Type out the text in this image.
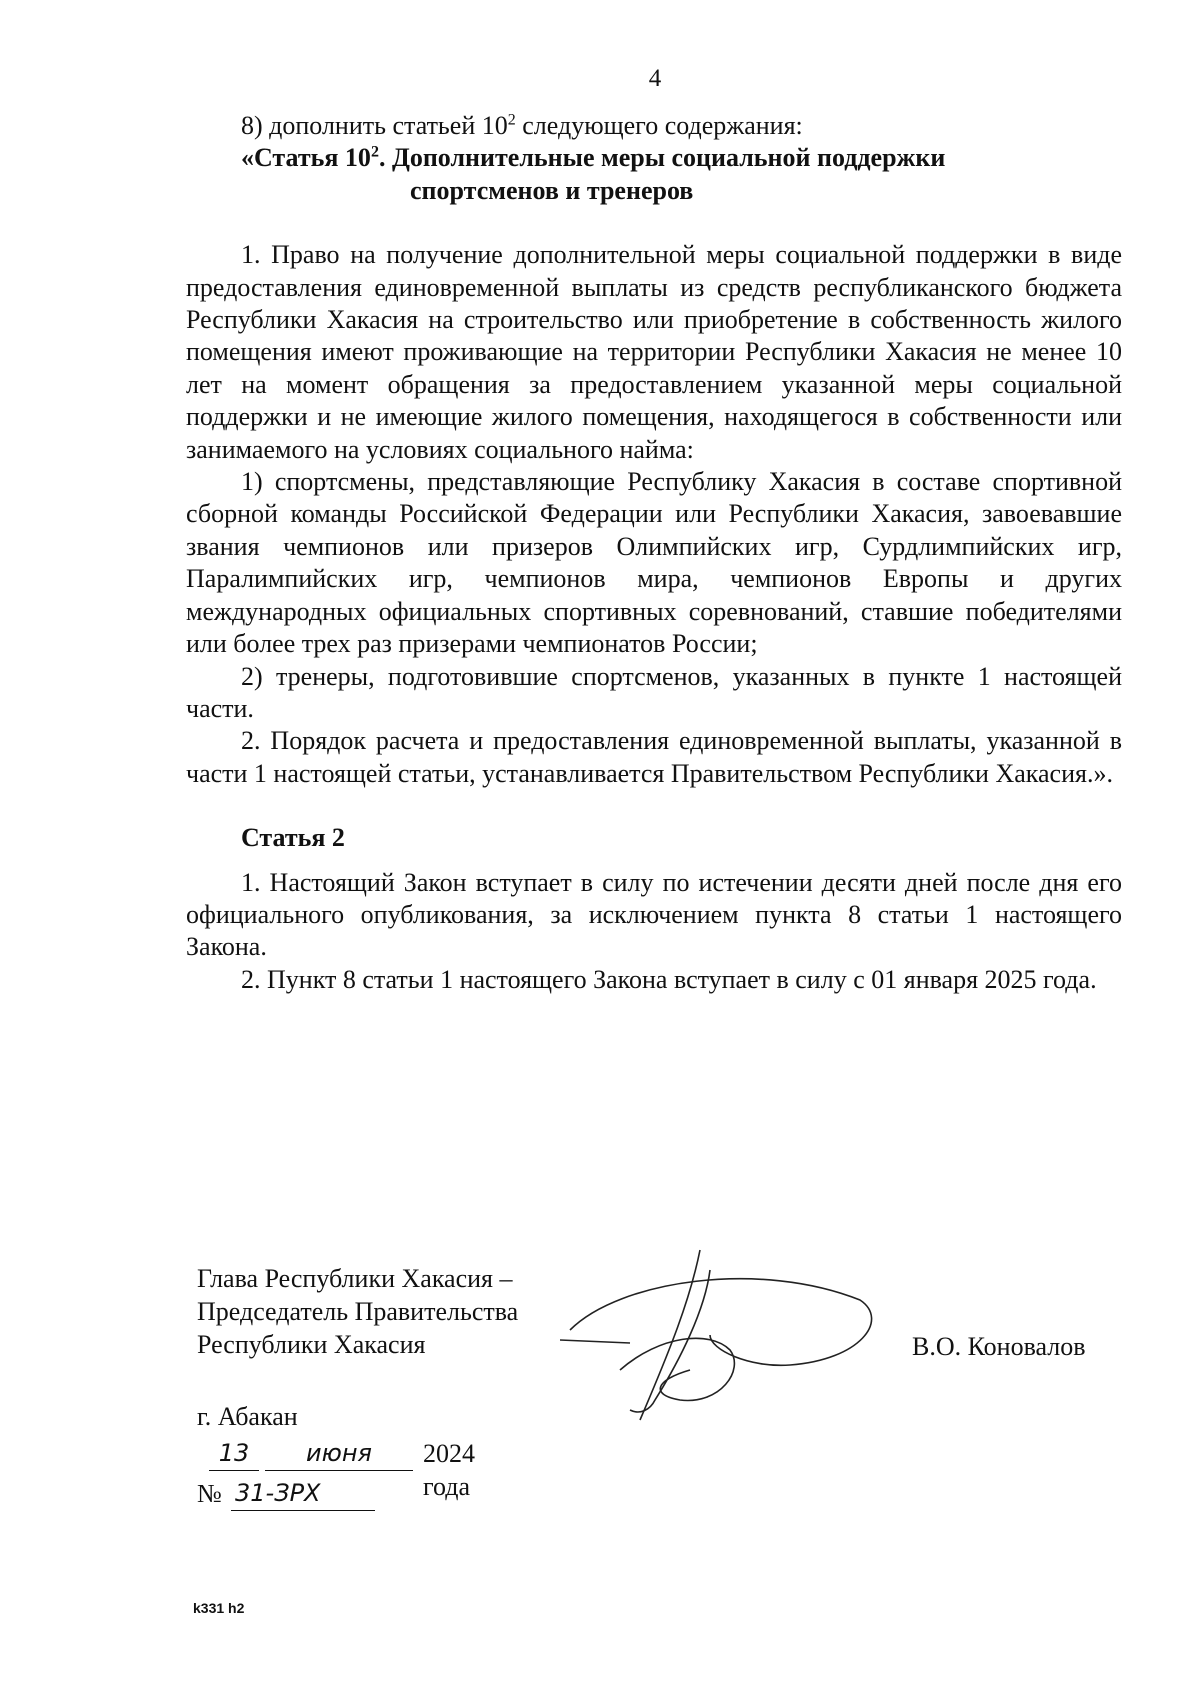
4

8) дополнить статьей $10^2$ следующего содержания:

«Статья $10^2$. Дополнительные меры социальной поддержки
спортсменов и тренеров

1. Право на получение дополнительной меры социальной поддержки в виде предоставления единовременной выплаты из средств республиканского бюджета Республики Хакасия на строительство или приобретение в собственность жилого помещения имеют проживающие на территории Республики Хакасия не менее 10 лет на момент обращения за предоставлением указанной меры социальной поддержки и не имеющие жилого помещения, находящегося в собственности или занимаемого на условиях социального найма:

1) спортсмены, представляющие Республику Хакасия в составе спортивной сборной команды Российской Федерации или Республики Хакасия, завоевавшие звания чемпионов или призеров Олимпийских игр, Сурдлимпийских игр, Паралимпийских игр, чемпионов мира, чемпионов Европы и других международных официальных спортивных соревнований, ставшие победителями или более трех раз призерами чемпионатов России;

2) тренеры, подготовившие спортсменов, указанных в пункте 1 настоящей части.

2. Порядок расчета и предоставления единовременной выплаты, указанной в части 1 настоящей статьи, устанавливается Правительством Республики Хакасия.».

Статья 2

1. Настоящий Закон вступает в силу по истечении десяти дней после дня его официального опубликования, за исключением пункта 8 статьи 1 настоящего Закона.

2. Пункт 8 статьи 1 настоящего Закона вступает в силу с 01 января 2025 года.

Глава Республики Хакасия –
Председатель Правительства
Республики Хакасия	В.О. Коновалов
г. Абакан
13	июня	2024 года
№ 31-ЗРХ
k331 h2
